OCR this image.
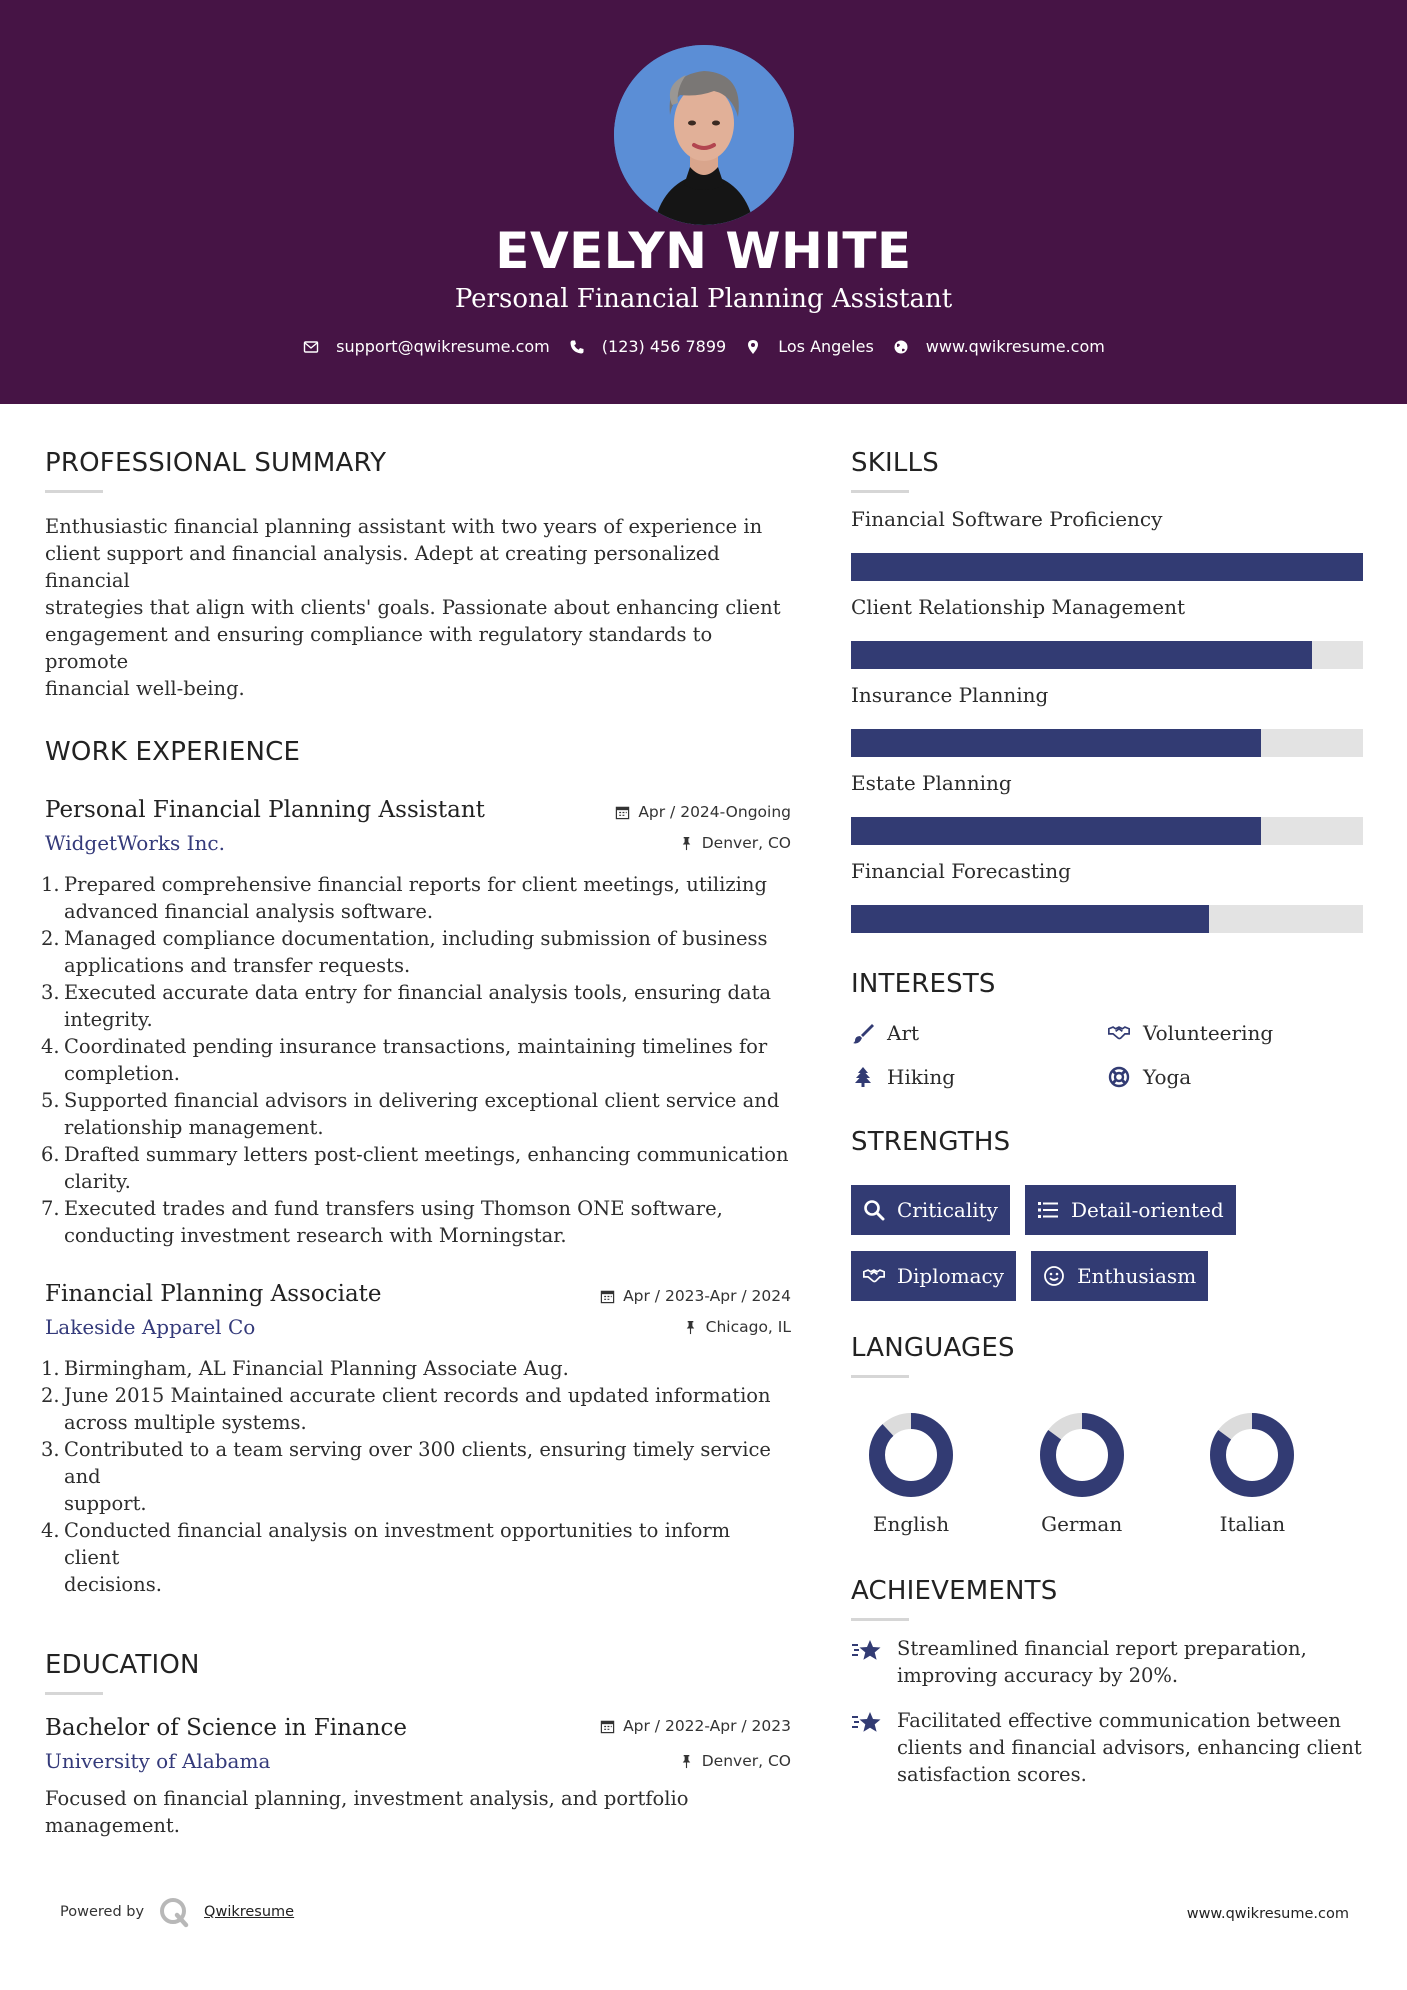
EVELYN WHITE
Personal Financial Planning Assistant
support@qwikresume.com	(123) 456 7899	Los Angeles	www.qwikresume.com
PROFESSIONAL SUMMARY
Enthusiastic financial planning assistant with two years of experience in
client support and financial analysis. Adept at creating personalized financial
strategies that align with clients' goals. Passionate about enhancing client
engagement and ensuring compliance with regulatory standards to promote
financial well-being.
WORK EXPERIENCE
Personal Financial Planning Assistant	Apr / 2024-Ongoing
WidgetWorks Inc.	Denver, CO
1. Prepared comprehensive financial reports for client meetings, utilizing
advanced financial analysis software.
2. Managed compliance documentation, including submission of business
applications and transfer requests.
3. Executed accurate data entry for financial analysis tools, ensuring data
integrity.
4. Coordinated pending insurance transactions, maintaining timelines for
completion.
5. Supported financial advisors in delivering exceptional client service and
relationship management.
6. Drafted summary letters post-client meetings, enhancing communication
clarity.
7. Executed trades and fund transfers using Thomson ONE software,
conducting investment research with Morningstar.
Financial Planning Associate	Apr / 2023-Apr / 2024
Lakeside Apparel Co	Chicago, IL
1. Birmingham, AL Financial Planning Associate Aug.
2. June 2015 Maintained accurate client records and updated information
across multiple systems.
3. Contributed to a team serving over 300 clients, ensuring timely service and
support.
4. Conducted financial analysis on investment opportunities to inform client
decisions.
EDUCATION
Bachelor of Science in Finance	Apr / 2022-Apr / 2023
University of Alabama	Denver, CO
Focused on financial planning, investment analysis, and portfolio
management.
SKILLS
Financial Software Proficiency
Client Relationship Management
Insurance Planning
Estate Planning
Financial Forecasting
INTERESTS
Art	Volunteering
Hiking	Yoga
STRENGTHS
Criticality	Detail-oriented
Diplomacy	Enthusiasm
LANGUAGES
English	German	Italian
ACHIEVEMENTS
Streamlined financial report preparation,
improving accuracy by 20%.
Facilitated effective communication between
clients and financial advisors, enhancing client
satisfaction scores.
Powered by	Qwikresume	www.qwikresume.com
